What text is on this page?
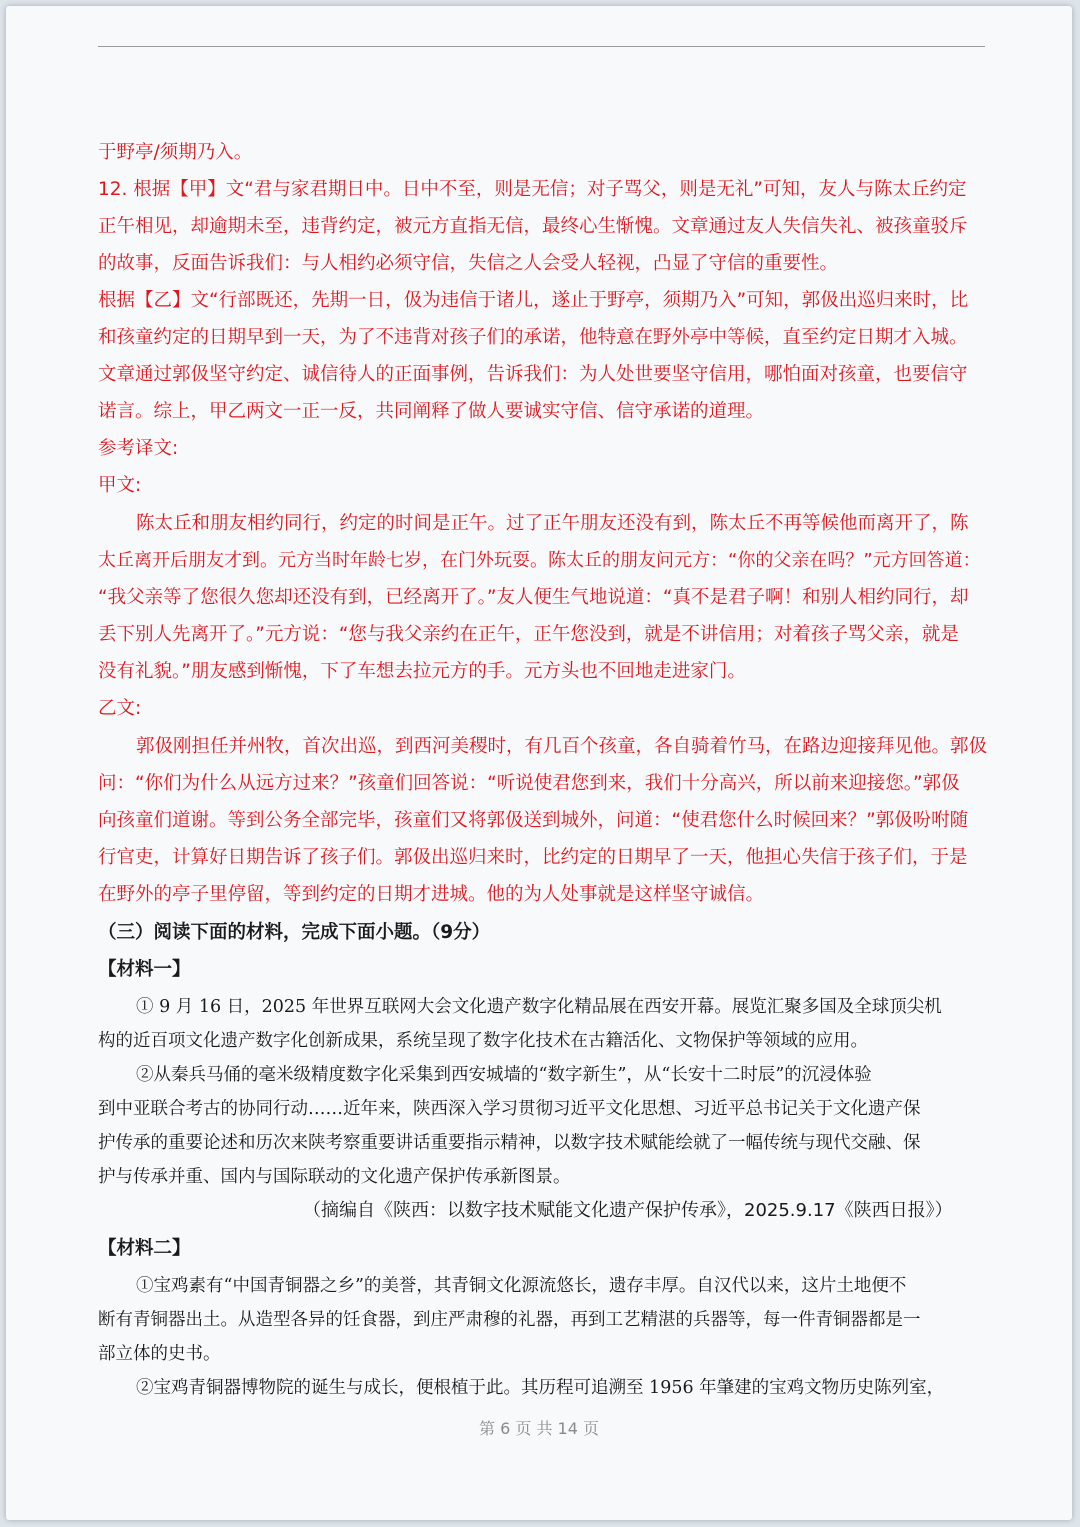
于野亭/须期乃入。
12. 根据【甲】文“君与家君期日中。日中不至，则是无信；对子骂父，则是无礼”可知，友人与陈太丘约定
正午相见，却逾期未至，违背约定，被元方直指无信，最终心生惭愧。文章通过友人失信失礼、被孩童驳斥
的故事，反面告诉我们：与人相约必须守信，失信之人会受人轻视，凸显了守信的重要性。
根据【乙】文“行部既还，先期一日，伋为违信于诸儿，遂止于野亭，须期乃入”可知，郭伋出巡归来时，比
和孩童约定的日期早到一天，为了不违背对孩子们的承诺，他特意在野外亭中等候，直至约定日期才入城。
文章通过郭伋坚守约定、诚信待人的正面事例，告诉我们：为人处世要坚守信用，哪怕面对孩童，也要信守
诺言。综上，甲乙两文一正一反，共同阐释了做人要诚实守信、信守承诺的道理。
参考译文:
甲文:
陈太丘和朋友相约同行，约定的时间是正午。过了正午朋友还没有到，陈太丘不再等候他而离开了，陈
太丘离开后朋友才到。元方当时年龄七岁，在门外玩耍。陈太丘的朋友问元方：“你的父亲在吗？”元方回答道：
“我父亲等了您很久您却还没有到，已经离开了。”友人便生气地说道：“真不是君子啊！和别人相约同行，却
丢下别人先离开了。”元方说：“您与我父亲约在正午，正午您没到，就是不讲信用；对着孩子骂父亲，就是
没有礼貌。”朋友感到惭愧，下了车想去拉元方的手。元方头也不回地走进家门。
乙文:
郭伋刚担任并州牧，首次出巡，到西河美稷时，有几百个孩童，各自骑着竹马，在路边迎接拜见他。郭伋
问：“你们为什么从远方过来？”孩童们回答说：“听说使君您到来，我们十分高兴，所以前来迎接您。”郭伋
向孩童们道谢。等到公务全部完毕，孩童们又将郭伋送到城外，问道：“使君您什么时候回来？”郭伋吩咐随
行官吏，计算好日期告诉了孩子们。郭伋出巡归来时，比约定的日期早了一天，他担心失信于孩子们，于是
在野外的亭子里停留，等到约定的日期才进城。他的为人处事就是这样坚守诚信。
（三）阅读下面的材料，完成下面小题。（9分）
【材料一】
① 9 月 16 日，2025 年世界互联网大会文化遗产数字化精品展在西安开幕。展览汇聚多国及全球顶尖机
构的近百项文化遗产数字化创新成果，系统呈现了数字化技术在古籍活化、文物保护等领域的应用。
②从秦兵马俑的毫米级精度数字化采集到西安城墙的“数字新生”，从“长安十二时辰”的沉浸体验
到中亚联合考古的协同行动……近年来，陕西深入学习贯彻习近平文化思想、习近平总书记关于文化遗产保
护传承的重要论述和历次来陕考察重要讲话重要指示精神，以数字技术赋能绘就了一幅传统与现代交融、保
护与传承并重、国内与国际联动的文化遗产保护传承新图景。
（摘编自《陕西：以数字技术赋能文化遗产保护传承》，2025.9.17《陕西日报》）
【材料二】
①宝鸡素有“中国青铜器之乡”的美誉，其青铜文化源流悠长，遗存丰厚。自汉代以来，这片土地便不
断有青铜器出土。从造型各异的饪食器，到庄严肃穆的礼器，再到工艺精湛的兵器等，每一件青铜器都是一
部立体的史书。
②宝鸡青铜器博物院的诞生与成长，便根植于此。其历程可追溯至 1956 年肇建的宝鸡文物历史陈列室，
第 6 页 共 14 页
